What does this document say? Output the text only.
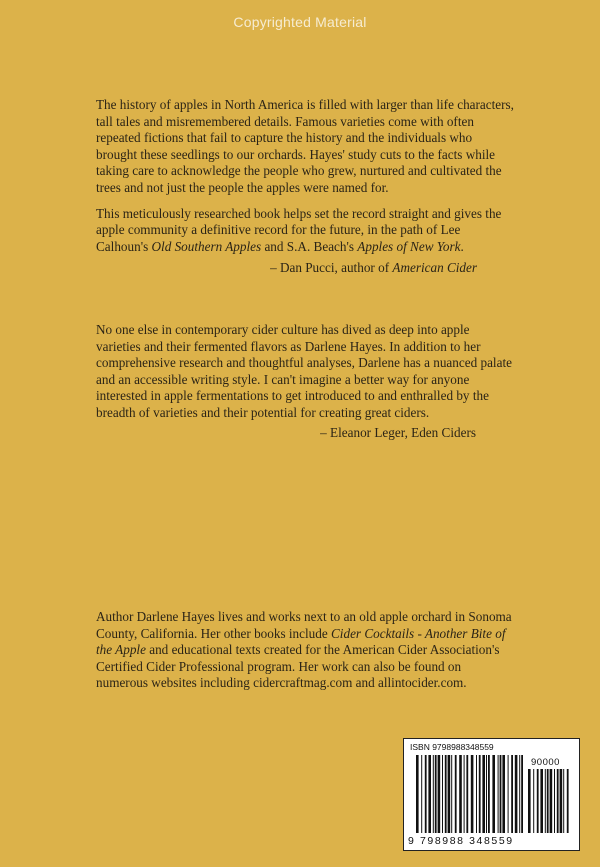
Copyrighted Material

The history of apples in North America is filled with larger than life characters, tall tales and misremembered details. Famous varieties come with often repeated fictions that fail to capture the history and the individuals who brought these seedlings to our orchards. Hayes' study cuts to the facts while taking care to acknowledge the people who grew, nurtured and cultivated the trees and not just the people the apples were named for.

This meticulously researched book helps set the record straight and gives the apple community a definitive record for the future, in the path of Lee Calhoun's Old Southern Apples and S.A. Beach's Apples of New York.

– Dan Pucci, author of American Cider

No one else in contemporary cider culture has dived as deep into apple varieties and their fermented flavors as Darlene Hayes. In addition to her comprehensive research and thoughtful analyses, Darlene has a nuanced palate and an accessible writing style. I can't imagine a better way for anyone interested in apple fermentations to get introduced to and enthralled by the breadth of varieties and their potential for creating great ciders.

– Eleanor Leger, Eden Ciders

Author Darlene Hayes lives and works next to an old apple orchard in Sonoma County, California. Her other books include Cider Cocktails - Another Bite of the Apple and educational texts created for the American Cider Association's Certified Cider Professional program. Her work can also be found on numerous websites including cidercraftmag.com and allintocider.com.

ISBN 9798988348559
90000
9 798988 348559
